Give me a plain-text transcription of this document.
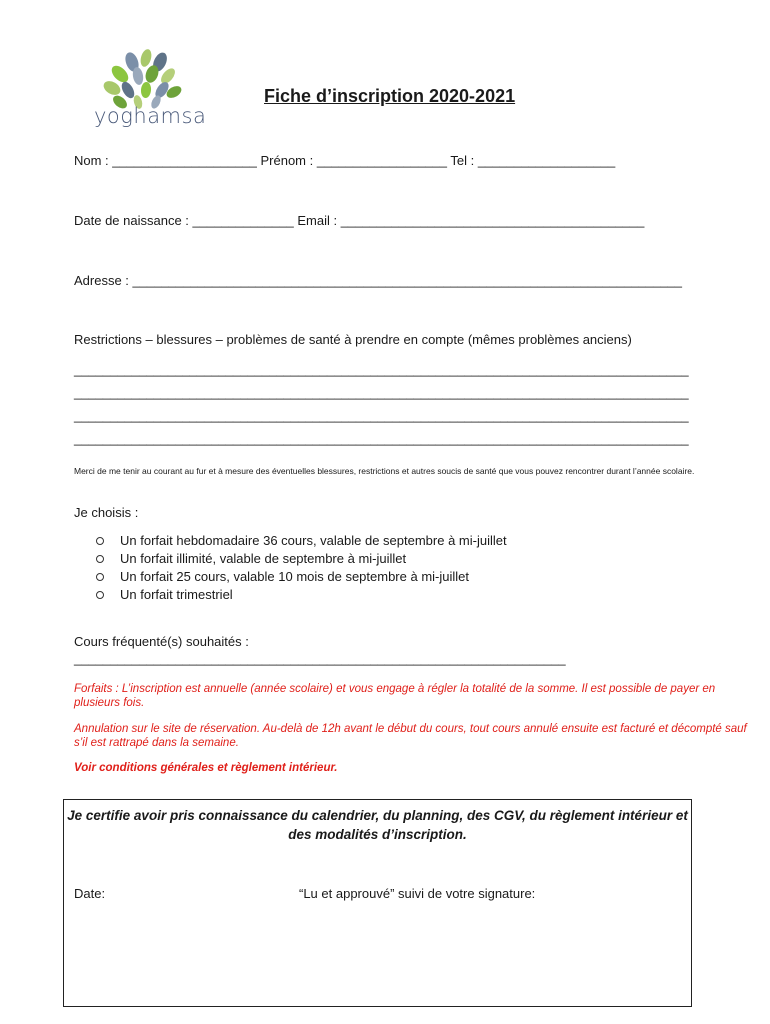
yoghamsa
Fiche d’inscription 2020-2021
Nom : ____________________ Prénom : __________________ Tel : ___________________
Date de naissance : ______________ Email : __________________________________________
Adresse : ____________________________________________________________________________
Restrictions – blessures – problèmes de santé à prendre en compte (mêmes problèmes anciens)
_____________________________________________________________________________________
_____________________________________________________________________________________
_____________________________________________________________________________________
_____________________________________________________________________________________
Merci de me tenir au courant au fur et à mesure des éventuelles blessures, restrictions et autres soucis de santé que vous pouvez rencontrer durant l’année scolaire.
Je choisis :
Un forfait hebdomadaire 36 cours, valable de septembre à mi-juillet
Un forfait illimité, valable de septembre à mi-juillet
Un forfait 25 cours, valable 10 mois de septembre à mi-juillet
Un forfait trimestriel
Cours fréquenté(s) souhaités :
____________________________________________________________________
Forfaits : L’inscription est annuelle (année scolaire) et vous engage à régler la totalité de la somme. Il est possible de payer en plusieurs fois.
Annulation sur le site de réservation. Au-delà de 12h avant le début du cours, tout cours annulé ensuite est facturé et décompté sauf s’il est rattrapé dans la semaine.
Voir conditions générales et règlement intérieur.
Je certifie avoir pris connaissance du calendrier, du planning, des CGV, du règlement intérieur et des modalités d’inscription.
Date:	“Lu et approuvé” suivi de votre signature:
